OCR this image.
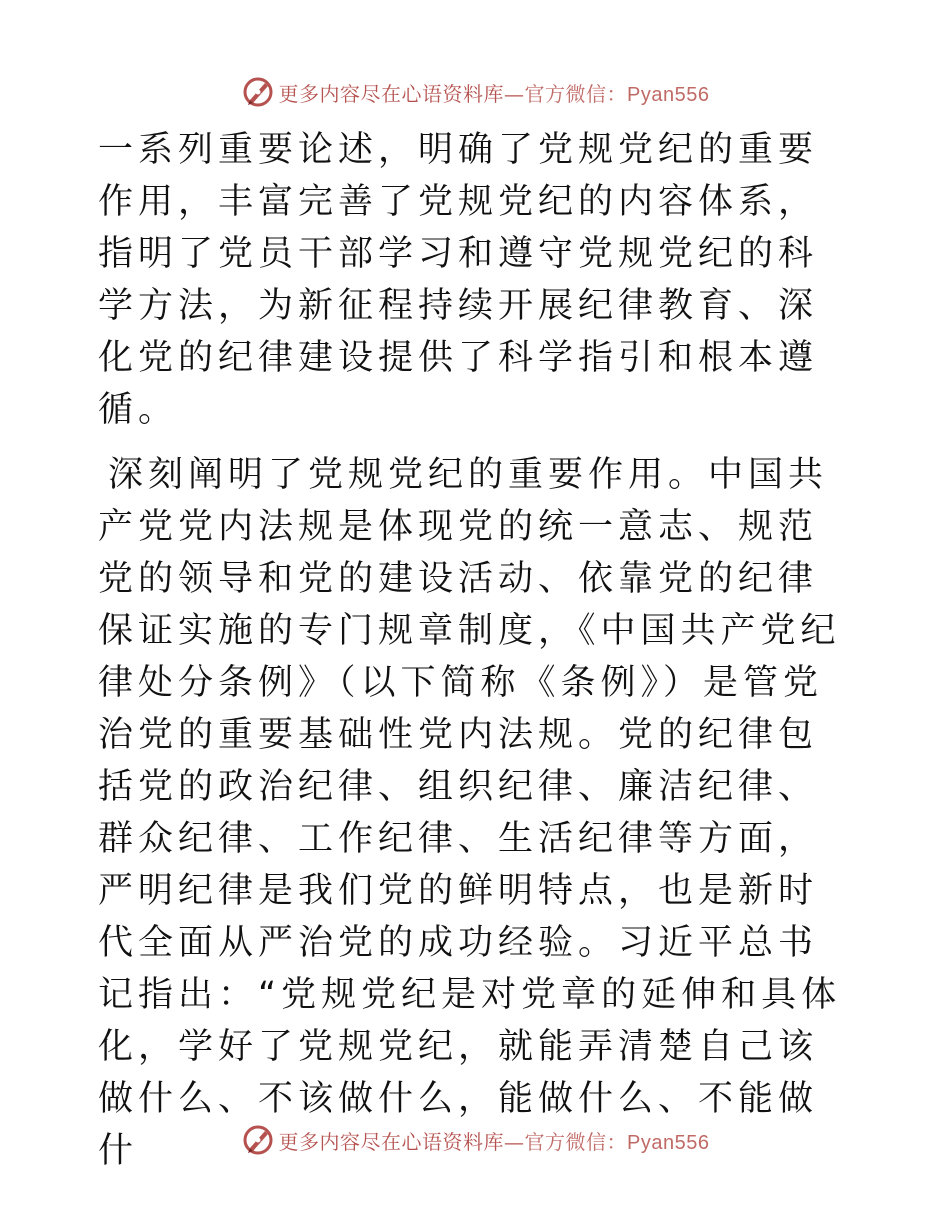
更多内容尽在心语资料库—官方微信：Pyan556

一系列重要论述，明确了党规党纪的重要作用，丰富完善了党规党纪的内容体系，指明了党员干部学习和遵守党规党纪的科学方法，为新征程持续开展纪律教育、深化党的纪律建设提供了科学指引和根本遵循。

深刻阐明了党规党纪的重要作用。中国共产党党内法规是体现党的统一意志、规范党的领导和党的建设活动、依靠党的纪律保证实施的专门规章制度，《中国共产党纪律处分条例》（以下简称《条例》）是管党治党的重要基础性党内法规。党的纪律包括党的政治纪律、组织纪律、廉洁纪律、群众纪律、工作纪律、生活纪律等方面，严明纪律是我们党的鲜明特点，也是新时代全面从严治党的成功经验。习近平总书记指出：“党规党纪是对党章的延伸和具体化，学好了党规党纪，就能弄清楚自己该做什么、不该做什么，能做什么、不能做什	更多内容尽在心语资料库—官方微信：Pyan556
